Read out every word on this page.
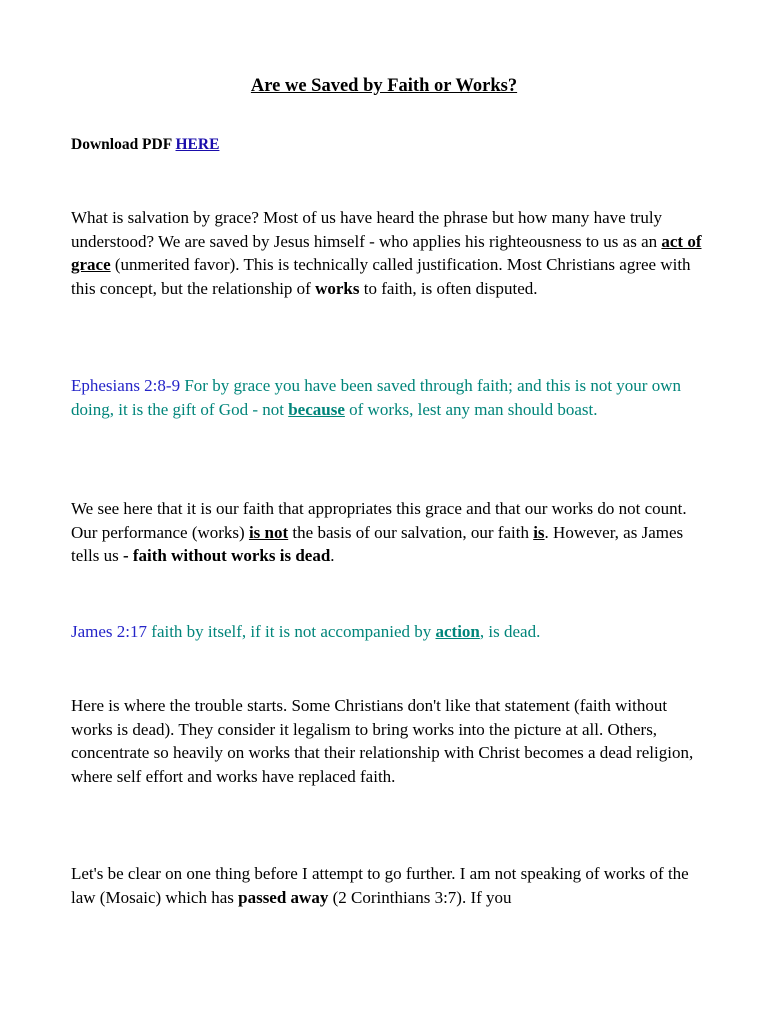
Are we Saved by Faith or Works?
Download PDF HERE

What is salvation by grace? Most of us have heard the phrase but how many have truly understood? We are saved by Jesus himself - who applies his righteousness to us as an act of grace (unmerited favor). This is technically called justification. Most Christians agree with this concept, but the relationship of works to faith, is often disputed.

Ephesians 2:8-9 For by grace you have been saved through faith; and this is not your own doing, it is the gift of God - not because of works, lest any man should boast.

We see here that it is our faith that appropriates this grace and that our works do not count. Our performance (works) is not the basis of our salvation, our faith is. However, as James tells us - faith without works is dead.

James 2:17 faith by itself, if it is not accompanied by action, is dead.

Here is where the trouble starts. Some Christians don't like that statement (faith without works is dead). They consider it legalism to bring works into the picture at all. Others, concentrate so heavily on works that their relationship with Christ becomes a dead religion, where self effort and works have replaced faith.

Let's be clear on one thing before I attempt to go further. I am not speaking of works of the law (Mosaic) which has passed away (2 Corinthians 3:7). If you
